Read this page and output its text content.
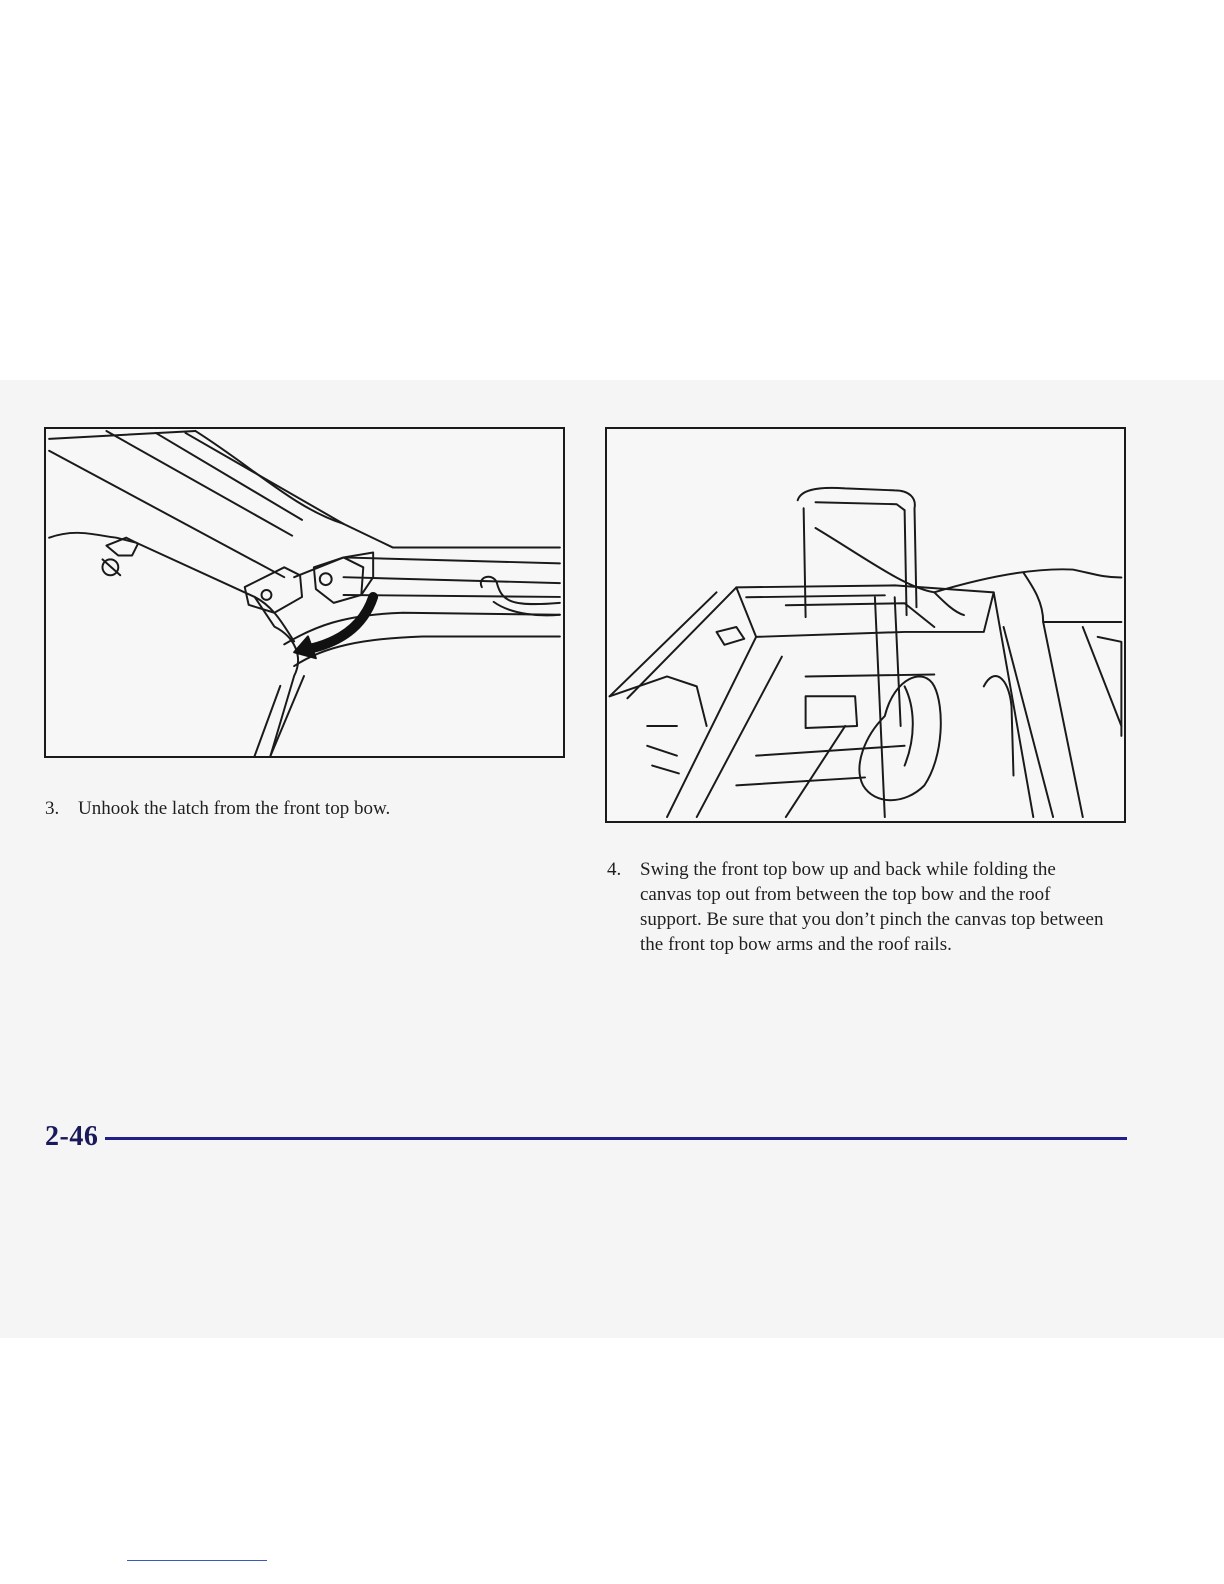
3. Unhook the latch from the front top bow.
4. Swing the front top bow up and back while folding the canvas top out from between the top bow and the roof support. Be sure that you don’t pinch the canvas top between the front top bow arms and the roof rails.
2-46
